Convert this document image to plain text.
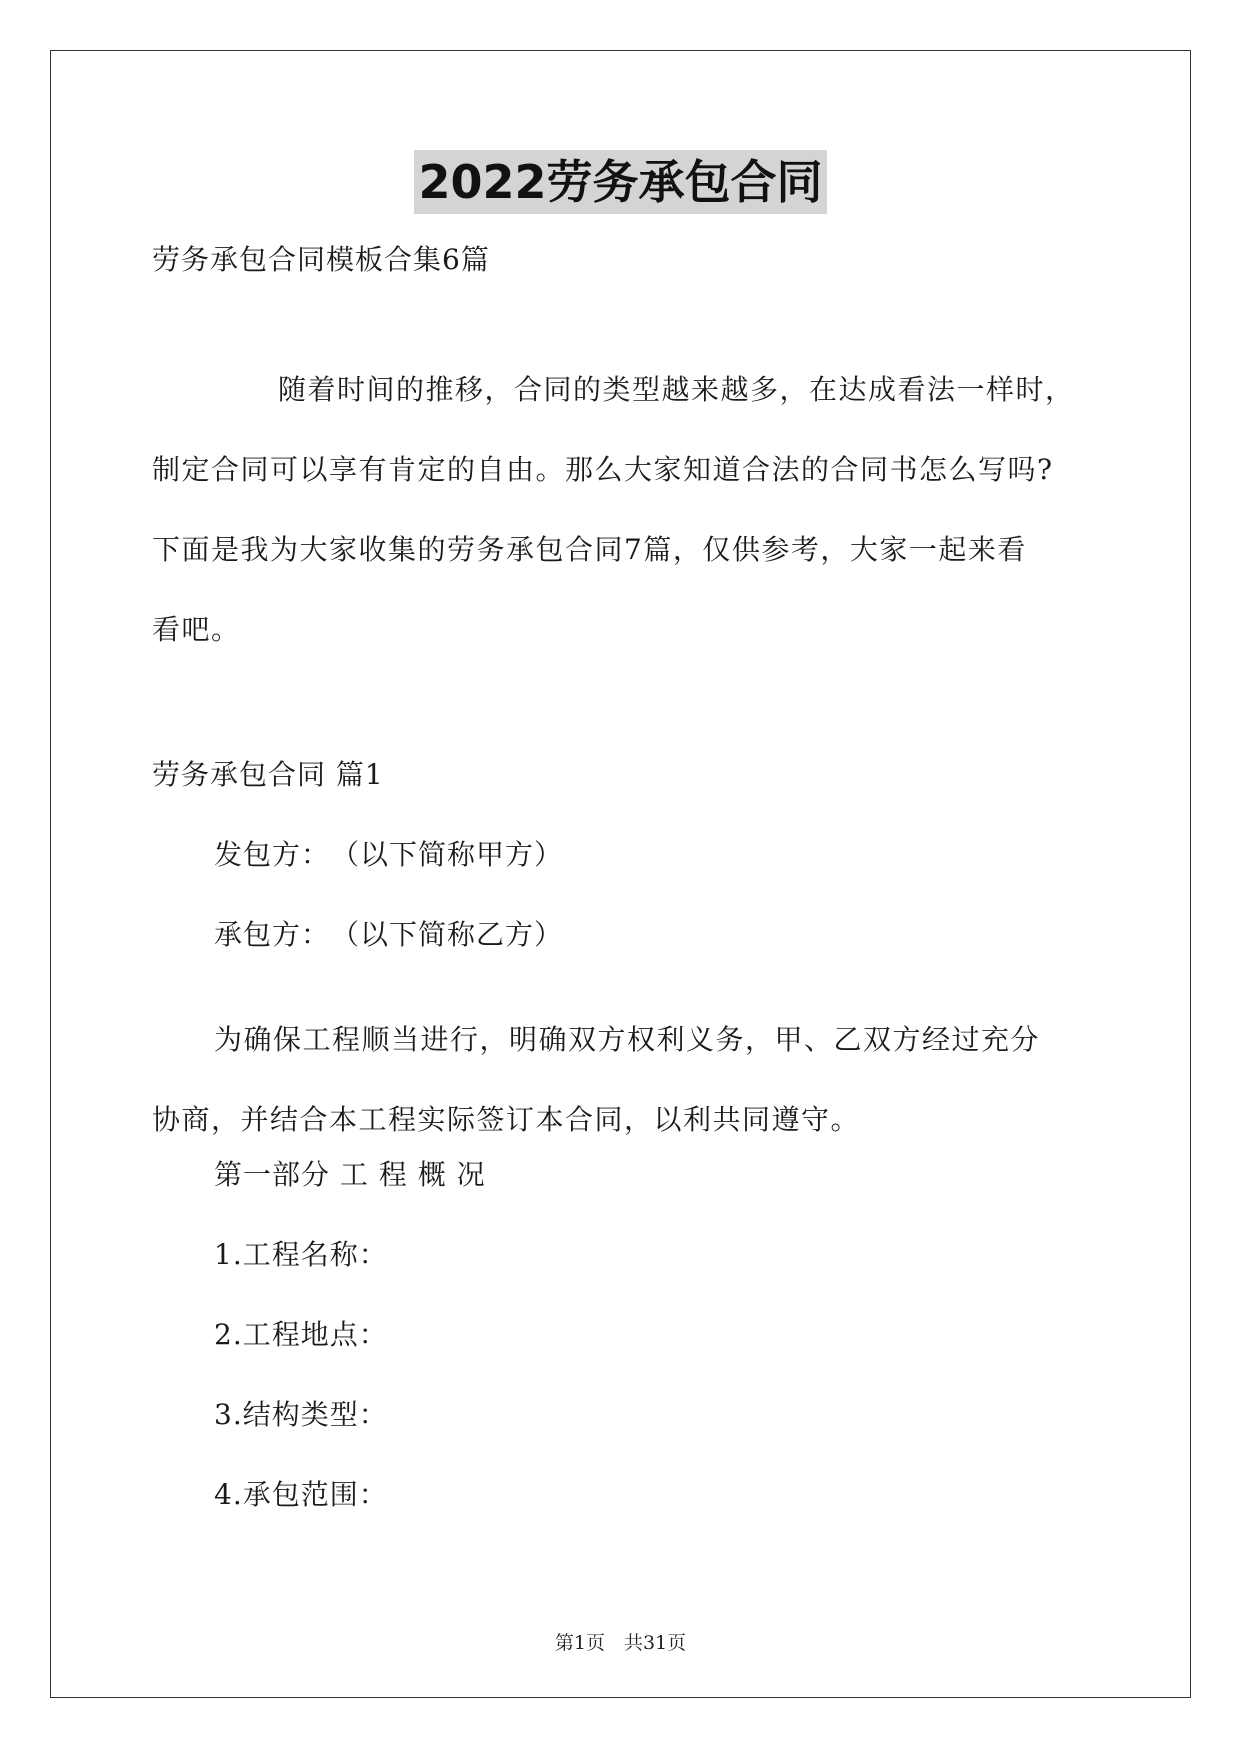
2022劳务承包合同
劳务承包合同模板合集6篇
随着时间的推移，合同的类型越来越多，在达成看法一样时，
制定合同可以享有肯定的自由。那么大家知道合法的合同书怎么写吗?
下面是我为大家收集的劳务承包合同7篇，仅供参考，大家一起来看
看吧。
劳务承包合同 篇1
发包方：　（以下简称甲方）
承包方：　（以下简称乙方）
为确保工程顺当进行，明确双方权利义务，甲、乙双方经过充分
协商，并结合本工程实际签订本合同，以利共同遵守。
第一部分 工 程 概 况
1.工程名称：
2.工程地点：
3.结构类型：
4.承包范围：
第1页　共31页
